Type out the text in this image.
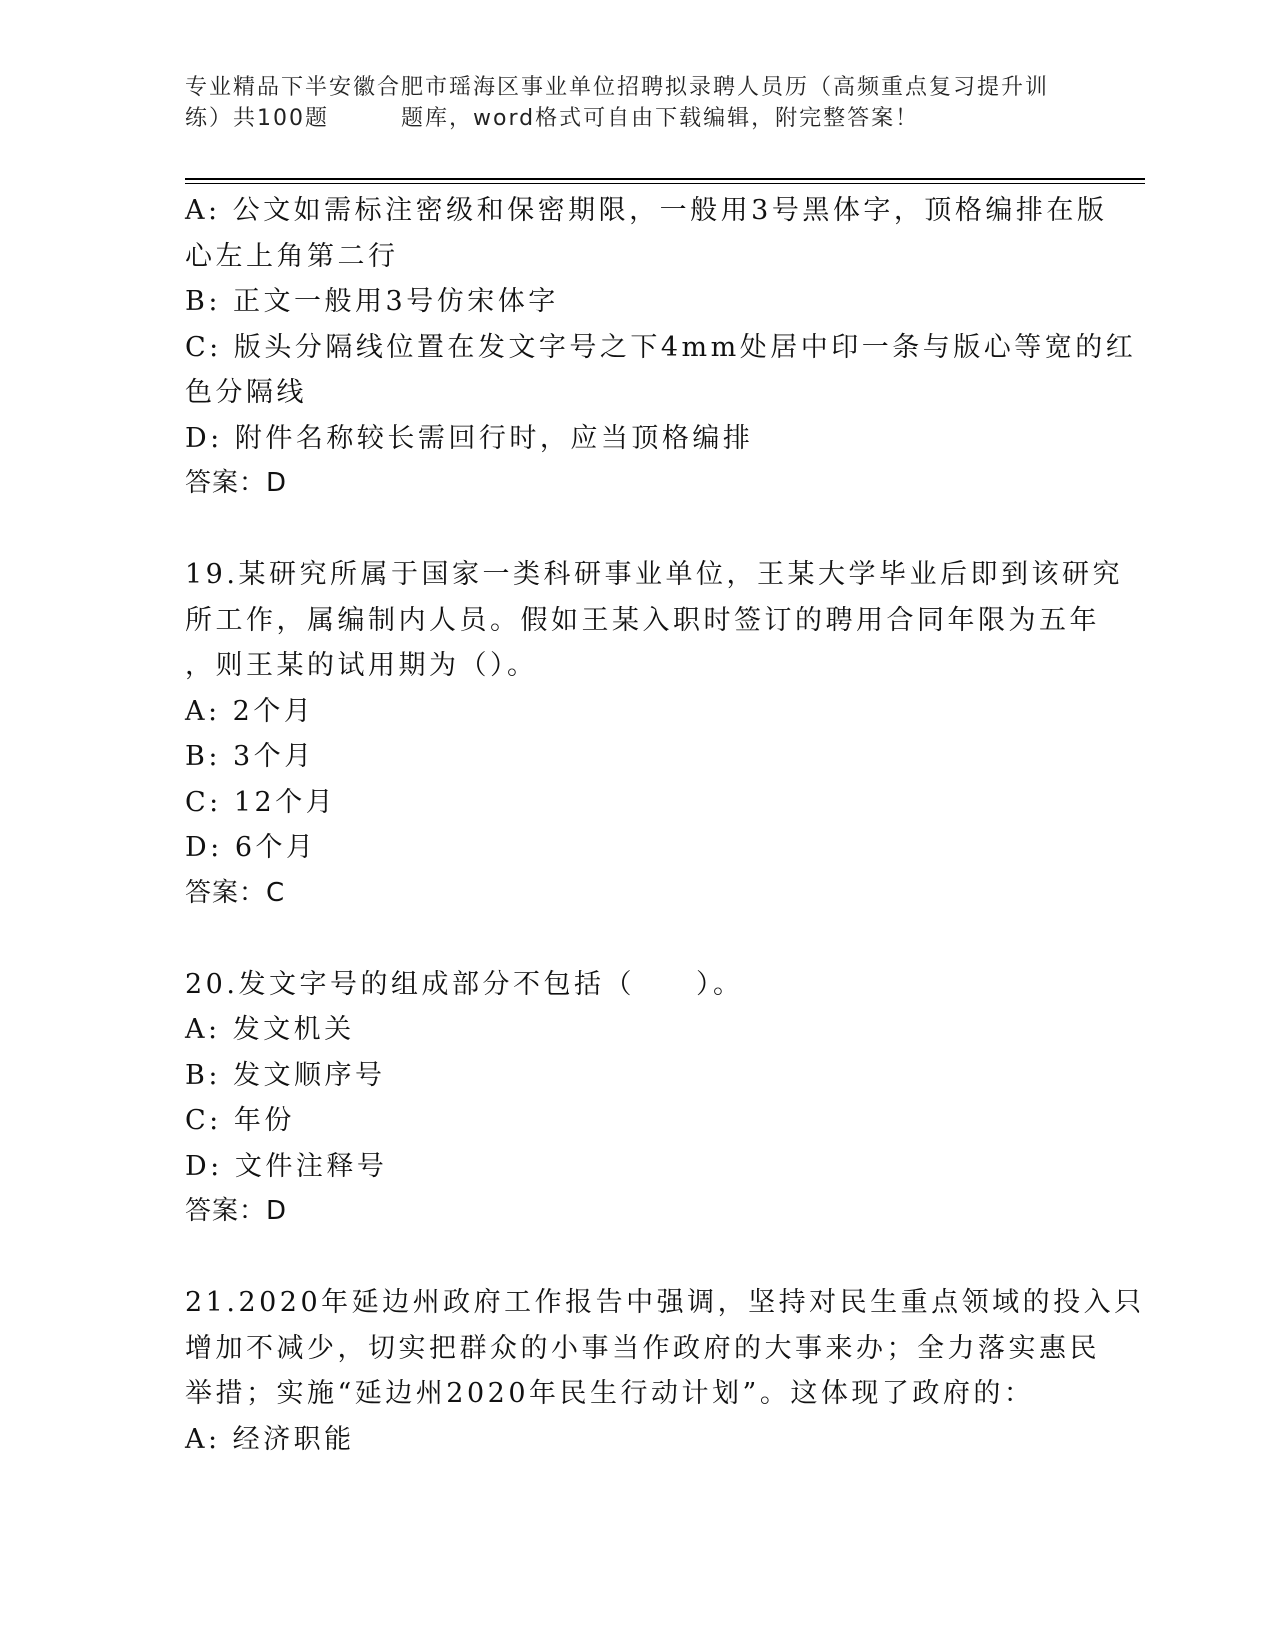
专业精品下半安徽合肥市瑶海区事业单位招聘拟录聘人员历（高频重点复习提升训
练）共100题	题库，word格式可自由下载编辑，附完整答案！
A: 公文如需标注密级和保密期限，一般用3号黑体字，顶格编排在版
心左上角第二行
B: 正文一般用3号仿宋体字
C: 版头分隔线位置在发文字号之下4mm处居中印一条与版心等宽的红
色分隔线
D: 附件名称较长需回行时，应当顶格编排
答案：D
19.某研究所属于国家一类科研事业单位，王某大学毕业后即到该研究
所工作，属编制内人员。假如王某入职时签订的聘用合同年限为五年
，则王某的试用期为（）。
A: 2个月
B: 3个月
C: 12个月
D: 6个月
答案：C
20.发文字号的组成部分不包括（　　）。
A: 发文机关
B: 发文顺序号
C: 年份
D: 文件注释号
答案：D
21.2020年延边州政府工作报告中强调，坚持对民生重点领域的投入只
增加不减少，切实把群众的小事当作政府的大事来办；全力落实惠民
举措；实施“延边州2020年民生行动计划”。这体现了政府的：
A: 经济职能
